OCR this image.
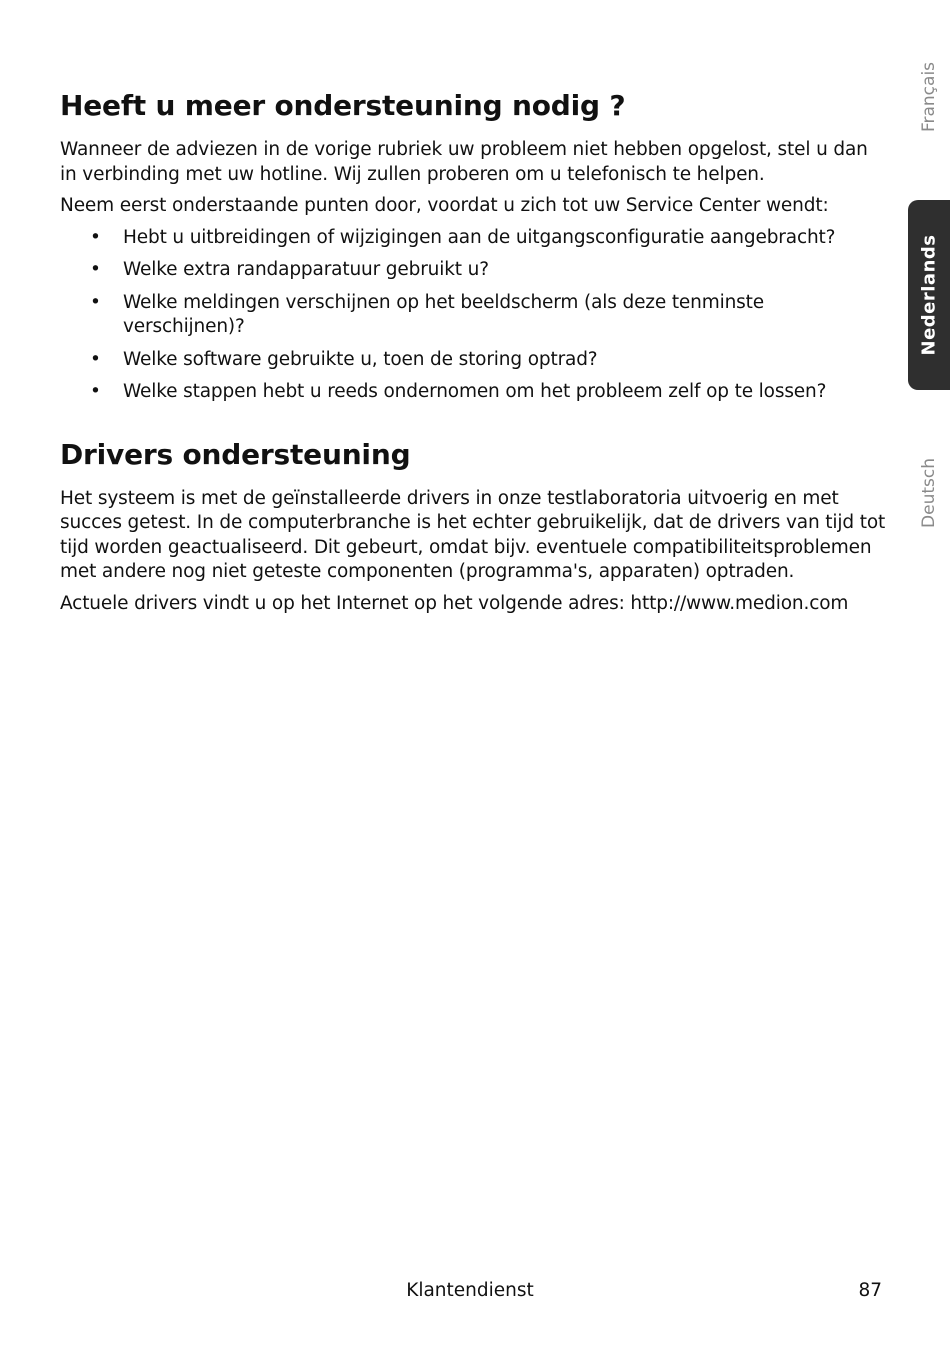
Heeft u meer ondersteuning nodig ?

Wanneer de adviezen in de vorige rubriek uw probleem niet hebben opgelost, stel u dan in verbinding met uw hotline. Wij zullen proberen om u telefonisch te helpen.

Neem eerst onderstaande punten door, voordat u zich tot uw Service Center wendt:

• Hebt u uitbreidingen of wijzigingen aan de uitgangsconfiguratie aangebracht?
• Welke extra randapparatuur gebruikt u?
• Welke meldingen verschijnen op het beeldscherm (als deze tenminste verschijnen)?
• Welke software gebruikte u, toen de storing optrad?
• Welke stappen hebt u reeds ondernomen om het probleem zelf op te lossen?
Drivers ondersteuning

Het systeem is met de geïnstalleerde drivers in onze testlaboratoria uitvoerig en met succes getest. In de computerbranche is het echter gebruikelijk, dat de drivers van tijd tot tijd worden geactualiseerd. Dit gebeurt, omdat bijv. eventuele compatibiliteitsproblemen met andere nog niet geteste componenten (programma's, apparaten) optraden.

Actuele drivers vindt u op het Internet op het volgende adres: http://www.medion.com

Français
Nederlands
Deutsch
Klantendienst	87
